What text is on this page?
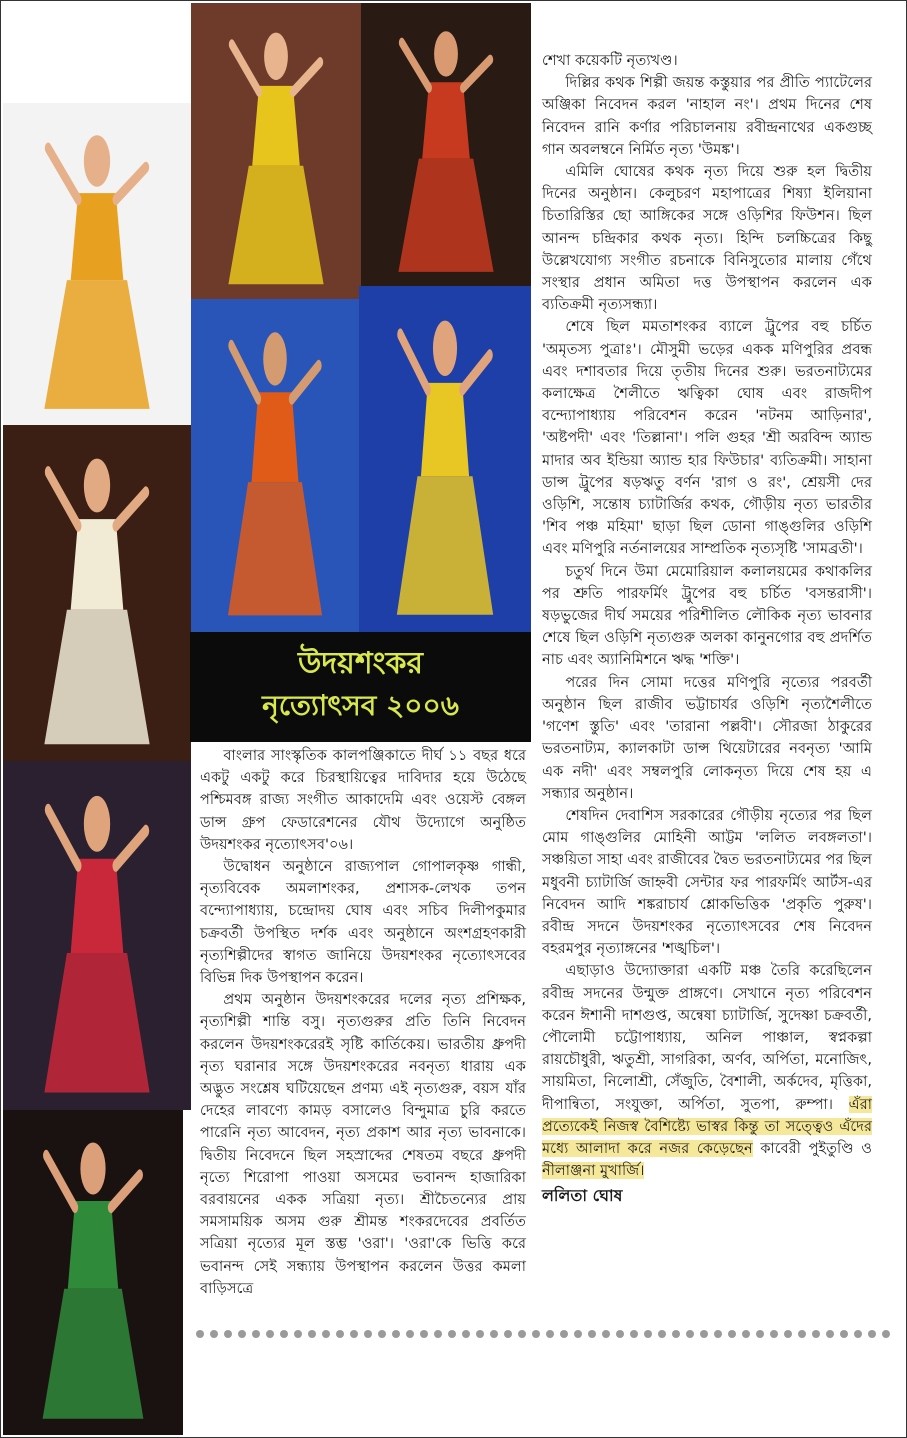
উদয়শংকর
নৃত্যোৎসব ২০০৬

বাংলার সাংস্কৃতিক কালপঞ্জিকাতে দীর্ঘ ১১ বছর ধরে একটু একটু করে চিরস্থায়িত্বের দাবিদার হয়ে উঠেছে পশ্চিমবঙ্গ রাজ্য সংগীত আকাদেমি এবং ওয়েস্ট বেঙ্গল ডান্স গ্রুপ ফেডারেশনের যৌথ উদ্যোগে অনুষ্ঠিত উদয়শংকর নৃত্যোৎসব'০৬।

উদ্বোধন অনুষ্ঠানে রাজ্যপাল গোপালকৃষ্ণ গান্ধী, নৃত্যবিবেক অমলাশংকর, প্রশাসক-লেখক তপন বন্দ্যোপাধ্যায়, চন্দ্রোদয় ঘোষ এবং সচিব দিলীপকুমার চক্রবর্তী উপস্থিত দর্শক এবং অনুষ্ঠানে অংশগ্রহণকারী নৃত্যশিল্পীদের স্বাগত জানিয়ে উদয়শংকর নৃত্যোৎসবের বিভিন্ন দিক উপস্থাপন করেন।

প্রথম অনুষ্ঠান উদয়শংকরের দলের নৃত্য প্রশিক্ষক, নৃত্যশিল্পী শান্তি বসু। নৃত্যগুরুর প্রতি তিনি নিবেদন করলেন উদয়শংকরেরই সৃষ্টি কার্তিকেয়। ভারতীয় ধ্রুপদী নৃত্য ঘরানার সঙ্গে উদয়শংকরের নবনৃত্য ধারায় এক অদ্ভুত সংশ্লেষ ঘটিয়েছেন প্রণম্য এই নৃত্যগুরু, বয়স যাঁর দেহের লাবণ্যে কামড় বসালেও বিন্দুমাত্র চুরি করতে পারেনি নৃত্য আবেদন, নৃত্য প্রকাশ আর নৃত্য ভাবনাকে। দ্বিতীয় নিবেদনে ছিল সহস্রাব্দের শেষতম বছরে ধ্রুপদী নৃত্যে শিরোপা পাওয়া অসমের ভবানন্দ হাজারিকা বরবায়নের একক সত্রিয়া নৃত্য। শ্রীচৈতন্যের প্রায় সমসাময়িক অসম গুরু শ্রীমন্ত শংকরদেবের প্রবর্তিত সত্রিয়া নৃত্যের মূল স্তম্ভ 'ওরা'। 'ওরা'কে ভিত্তি করে ভবানন্দ সেই সন্ধ্যায় উপস্থাপন করলেন উত্তর কমলা বাড়িসত্রে

শেখা কয়েকটি নৃত্যখণ্ড।

দিল্লির কথক শিল্পী জয়ন্ত কস্তুয়ার পর প্রীতি প্যাটেলের অঞ্জিকা নিবেদন করল 'নাহাল নং'। প্রথম দিনের শেষ নিবেদন রানি কর্ণার পরিচালনায় রবীন্দ্রনাথের একগুচ্ছ গান অবলম্বনে নির্মিত নৃত্য 'উমঙ্ক'।

এমিলি ঘোষের কথক নৃত্য দিয়ে শুরু হল দ্বিতীয় দিনের অনুষ্ঠান। কেলুচরণ মহাপাত্রের শিষ্যা ইলিয়ানা চিতারিস্তির ছো আঙ্গিকের সঙ্গে ওড়িশির ফিউশন। ছিল আনন্দ চন্দ্রিকার কথক নৃত্য। হিন্দি চলচ্চিত্রের কিছু উল্লেখযোগ্য সংগীত রচনাকে বিনিসুতোর মালায় গেঁথে সংস্থার প্রধান অমিতা দত্ত উপস্থাপন করলেন এক ব্যতিক্রমী নৃত্যসন্ধ্যা।

শেষে ছিল মমতাশংকর ব্যালে ট্রুপের বহু চর্চিত 'অমৃতস্য পুত্রাঃ'। মৌসুমী ভড়ের একক মণিপুরির প্রবন্ধ এবং দশাবতার দিয়ে তৃতীয় দিনের শুরু। ভরতনাট্যমের কলাক্ষেত্র শৈলীতে ঋত্বিকা ঘোষ এবং রাজদীপ বন্দ্যোপাধ্যায় পরিবেশন করেন 'নটনম আড়িনার', 'অষ্টপদী' এবং 'তিল্লানা'। পলি গুহর 'শ্রী অরবিন্দ অ্যান্ড মাদার অব ইন্ডিয়া অ্যান্ড হার ফিউচার' ব্যতিক্রমী। সাহানা ডান্স ট্রুপের ষড়ঋতু বর্ণন 'রাগ ও রং', শ্রেয়সী দের ওড়িশি, সন্তোষ চ্যাটার্জির কথক, গৌড়ীয় নৃত্য ভারতীর 'শিব পঞ্চ মহিমা' ছাড়া ছিল ডোনা গাঙ্গুলির ওড়িশি এবং মণিপুরি নর্তনালয়ের সাম্প্রতিক নৃত্যসৃষ্টি 'সামব্রতী'।

চতুর্থ দিনে উমা মেমোরিয়াল কলালয়মের কথাকলির পর শ্রুতি পারফর্মিং ট্রুপের বহু চর্চিত 'বসন্তরাসী'। ষড়ভুজের দীর্ঘ সময়ের পরিশীলিত লৌকিক নৃত্য ভাবনার শেষে ছিল ওড়িশি নৃত্যগুরু অলকা কানুনগোর বহু প্রদর্শিত নাচ এবং অ্যানিমিশনে ঋদ্ধ 'শক্তি'।

পরের দিন সোমা দত্তের মণিপুরি নৃত্যের পরবর্তী অনুষ্ঠান ছিল রাজীব ভট্টাচার্যর ওড়িশি নৃত্যশৈলীতে 'গণেশ স্তুতি' এবং 'তারানা পল্লবী'। সৌরজা ঠাকুরের ভরতনাট্যম, ক্যালকাটা ডান্স থিয়েটারের নবনৃত্য 'আমি এক নদী' এবং সম্বলপুরি লোকনৃত্য দিয়ে শেষ হয় এ সন্ধ্যার অনুষ্ঠান।

শেষদিন দেবাশিস সরকারের গৌড়ীয় নৃত্যের পর ছিল মোম গাঙ্গুলির মোহিনী আট্টম 'ললিত লবঙ্গলতা'। সঞ্চয়িতা সাহা এবং রাজীবের দ্বৈত ভরতনাট্যমের পর ছিল মধুবনী চ্যাটার্জি জাহ্নবী সেন্টার ফর পারফর্মিং আর্টস-এর নিবেদন আদি শঙ্করাচার্য শ্লোকভিত্তিক 'প্রকৃতি পুরুষ'। রবীন্দ্র সদনে উদয়শংকর নৃত্যোৎসবের শেষ নিবেদন বহরমপুর নৃত্যাঙ্গনের 'শঙ্খচিল'।

এছাড়াও উদ্যোক্তারা একটি মঞ্চ তৈরি করেছিলেন রবীন্দ্র সদনের উন্মুক্ত প্রাঙ্গণে। সেখানে নৃত্য পরিবেশন করেন ঈশানী দাশগুপ্ত, অন্বেষা চ্যাটার্জি, সুদেষ্ণা চক্রবর্তী, পৌলোমী চট্টোপাধ্যায়, অনিল পাঞ্চাল, স্বপ্নকল্পা রায়চৌধুরী, ঋতুশ্রী, সাগরিকা, অর্ণব, অর্পিতা, মনোজিৎ, সায়মিতা, নিলোশ্রী, সেঁজুতি, বৈশালী, অর্কদেব, মৃত্তিকা, দীপান্বিতা, সংযুক্তা, অর্পিতা, সুতপা, রুম্পা। এঁরা প্রত্যেকেই নিজস্ব বৈশিষ্ট্যে ভাস্বর কিন্তু তা সত্ত্বেও এঁদের মধ্যে আলাদা করে নজর কেড়েছেন কাবেরী পুইতুণ্ডি ও নীলাঞ্জনা মুখার্জি।

ললিতা ঘোষ
